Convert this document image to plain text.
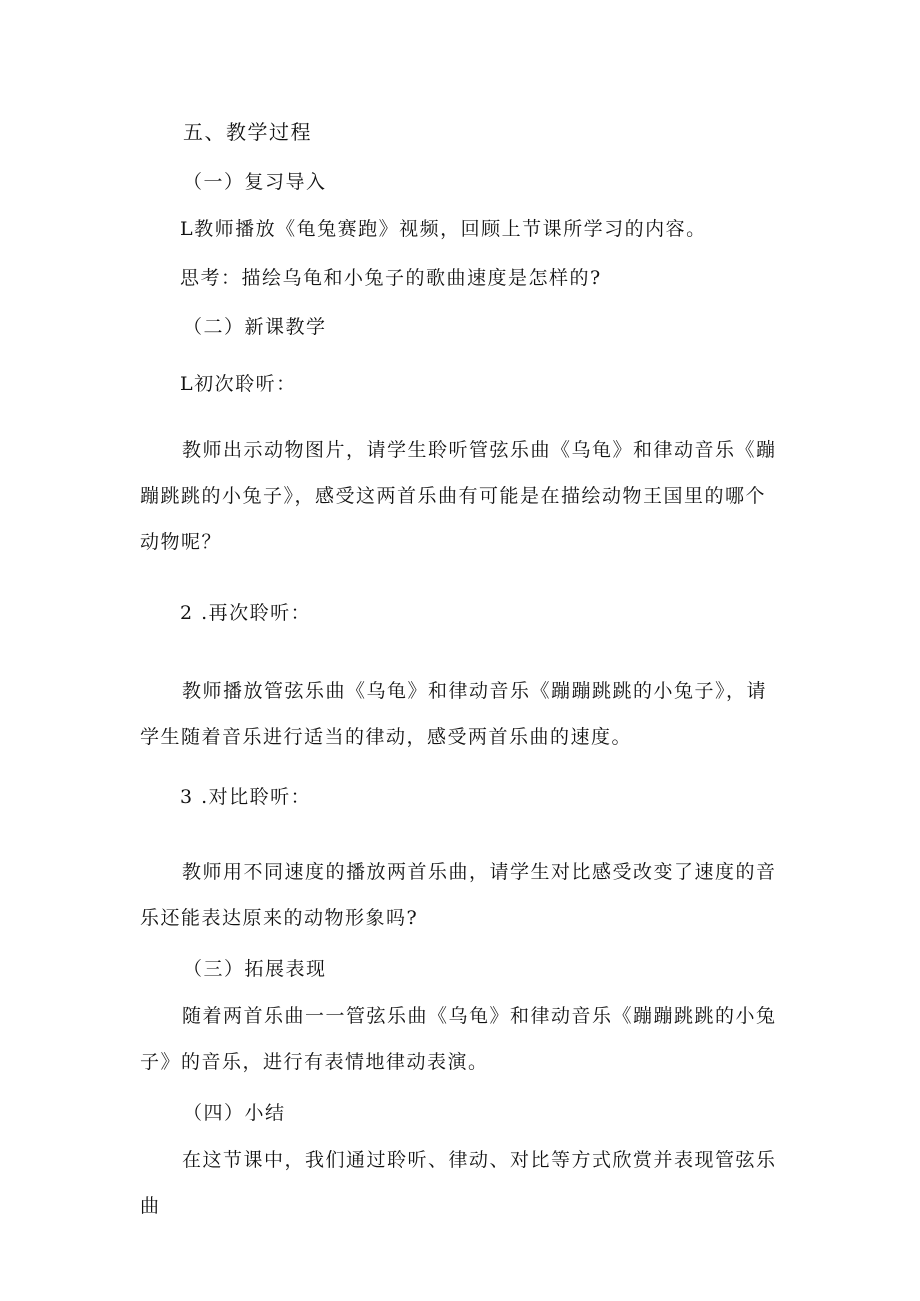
五、教学过程
（一）复习导入
L教师播放《龟兔赛跑》视频，回顾上节课所学习的内容。
思考：描绘乌龟和小兔子的歌曲速度是怎样的?
（二）新课教学
L初次聆听：
教师出示动物图片，请学生聆听管弦乐曲《乌龟》和律动音乐《蹦蹦跳跳的小兔子》，感受这两首乐曲有可能是在描绘动物王国里的哪个动物呢？
2 .再次聆听：
教师播放管弦乐曲《乌龟》和律动音乐《蹦蹦跳跳的小兔子》，请学生随着音乐进行适当的律动，感受两首乐曲的速度。
3 .对比聆听：
教师用不同速度的播放两首乐曲，请学生对比感受改变了速度的音乐还能表达原来的动物形象吗?
（三）拓展表现
随着两首乐曲一一管弦乐曲《乌龟》和律动音乐《蹦蹦跳跳的小兔子》的音乐，进行有表情地律动表演。
（四）小结
在这节课中，我们通过聆听、律动、对比等方式欣赏并表现管弦乐曲
